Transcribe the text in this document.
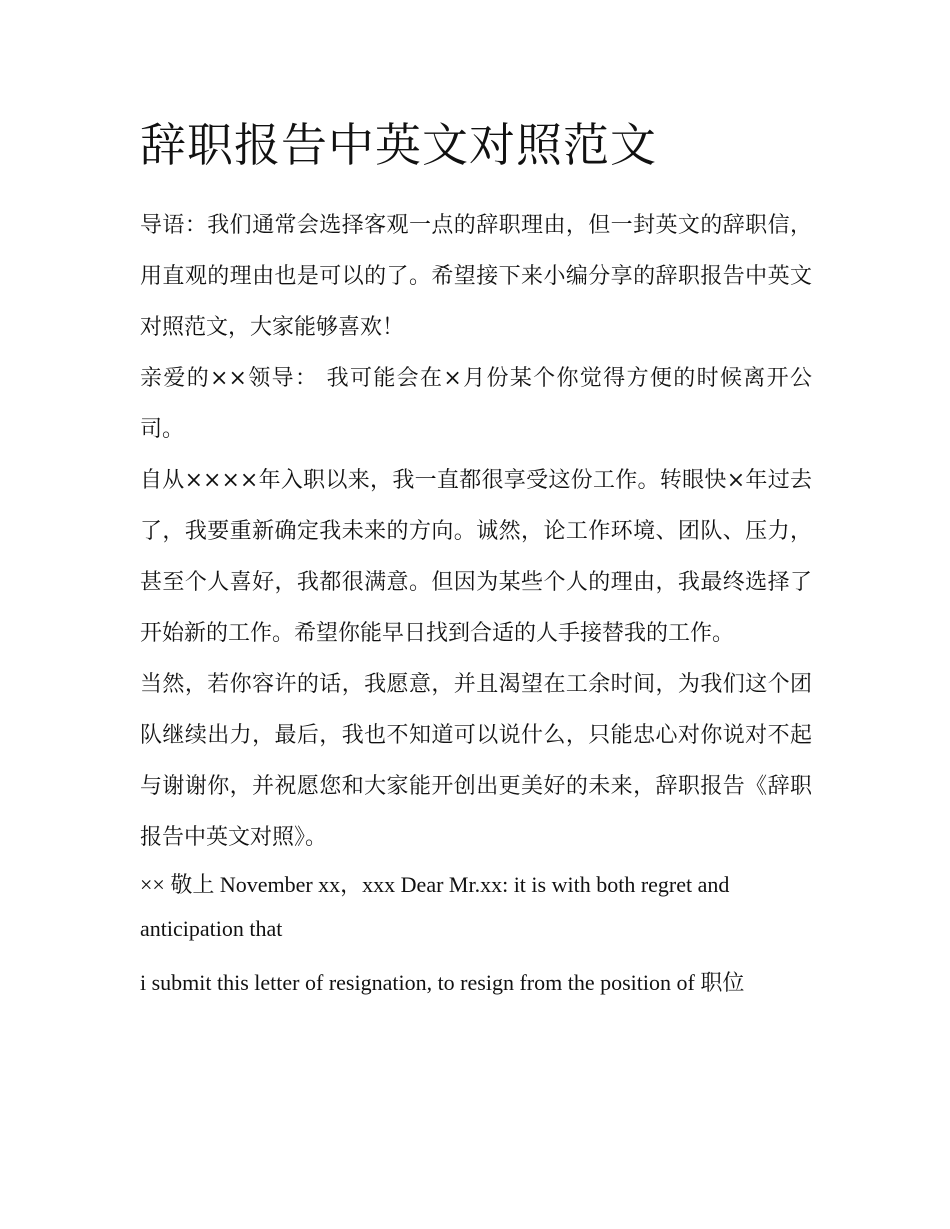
辞职报告中英文对照范文

导语：我们通常会选择客观一点的辞职理由，但一封英文的辞职信，用直观的理由也是可以的了。希望接下来小编分享的辞职报告中英文对照范文，大家能够喜欢！

亲爱的××领导： 我可能会在×月份某个你觉得方便的时候离开公司。

自从××××年入职以来，我一直都很享受这份工作。转眼快×年过去了，我要重新确定我未来的方向。诚然，论工作环境、团队、压力，甚至个人喜好，我都很满意。但因为某些个人的理由，我最终选择了开始新的工作。希望你能早日找到合适的人手接替我的工作。

当然，若你容许的话，我愿意，并且渴望在工余时间，为我们这个团队继续出力，最后，我也不知道可以说什么，只能忠心对你说对不起与谢谢你，并祝愿您和大家能开创出更美好的未来，辞职报告《辞职报告中英文对照》。

×× 敬上 November xx，xxx Dear Mr.xx: it is with both regret and anticipation that

i submit this letter of resignation, to resign from the position of 职位
